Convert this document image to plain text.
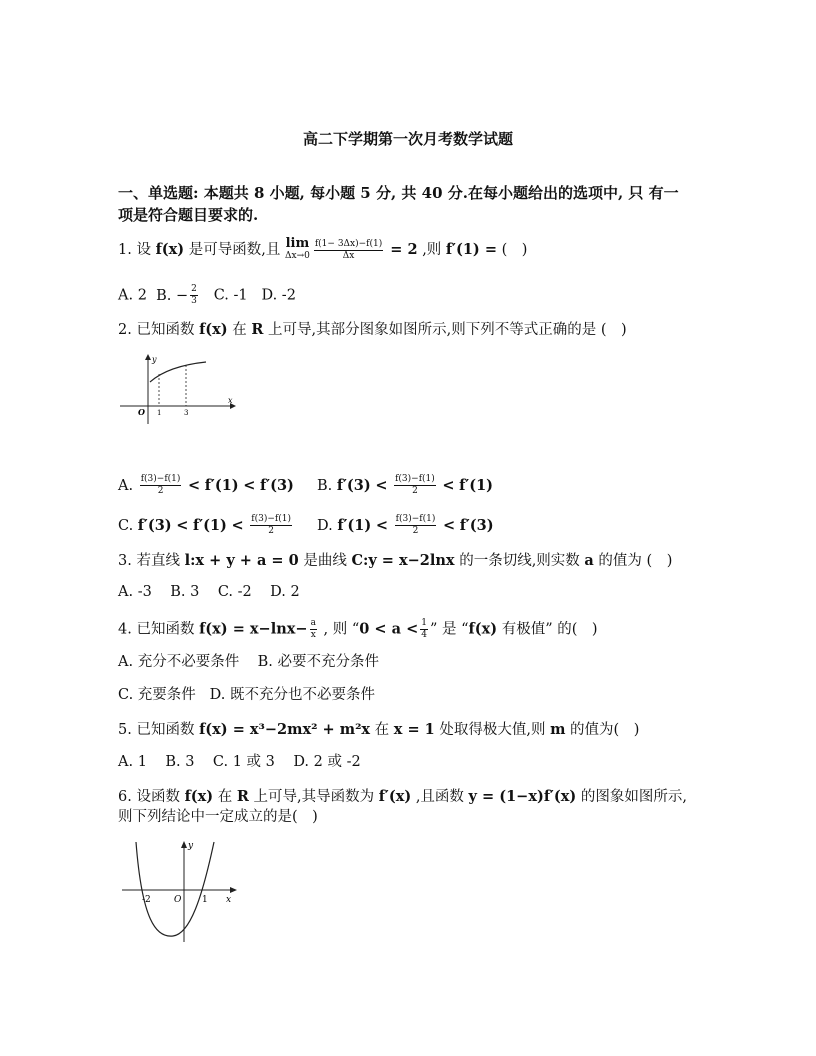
高二下学期第一次月考数学试题
一、单选题: 本题共 8 小题, 每小题 5 分, 共 40 分.在每小题给出的选项中, 只 有一
项是符合题目要求的.
1. 设 f(x) 是可导函数,且 lim
$\Delta x\to 0 \frac{f(1- 3\Delta x)-f(1)}{\Delta x} = 2$ ,则 f′(1) = (　)
A. 2 B. − $\frac{2}{3} C$. -1 D. -2
2. 已知函数 f(x) 在 R 上可导,其部分图象如图所示,则下列不等式正确的是 (　)
y
x
O 1	3
A. $\frac{f(3)-f(1)}{2} < f'(1) < f'(3)$ B. $f'(3) < \frac{f(3)-f(1)}{2} < f'(1)$
C. $f'(3) < f'(1) < \frac{f(3)-f(1)}{2} D$. $f'(1) < \frac{f(3)-f(1)}{2} < f'(3)$
3. 若直线 l:x + y + a = 0 是曲线 C:y = x−2lnx 的一条切线,则实数 a 的值为 (　)
A. -3 B. 3 C. -2 D. 2
4. 已知函数 $f(x) = x-\ln x- \frac{a}{x}$ , 则 “$0 < a < \frac{1}{4}$ ” 是 “f(x) 有极值” 的(　)
A. 充分不必要条件 B. 必要不充分条件
C. 充要条件 D. 既不充分也不必要条件
5. 已知函数 f(x) = x³−2mx² + m²x 在 x = 1 处取得极大值,则 m 的值为(　)
A. 1 B. 3 C. 1 或 3 D. 2 或 -2
6. 设函数 f(x) 在 R 上可导,其导函数为 f′(x) ,且函数 y = (1−x)f′(x) 的图象如图所示,
则下列结论中一定成立的是(　)
y
x
O
-2	1
